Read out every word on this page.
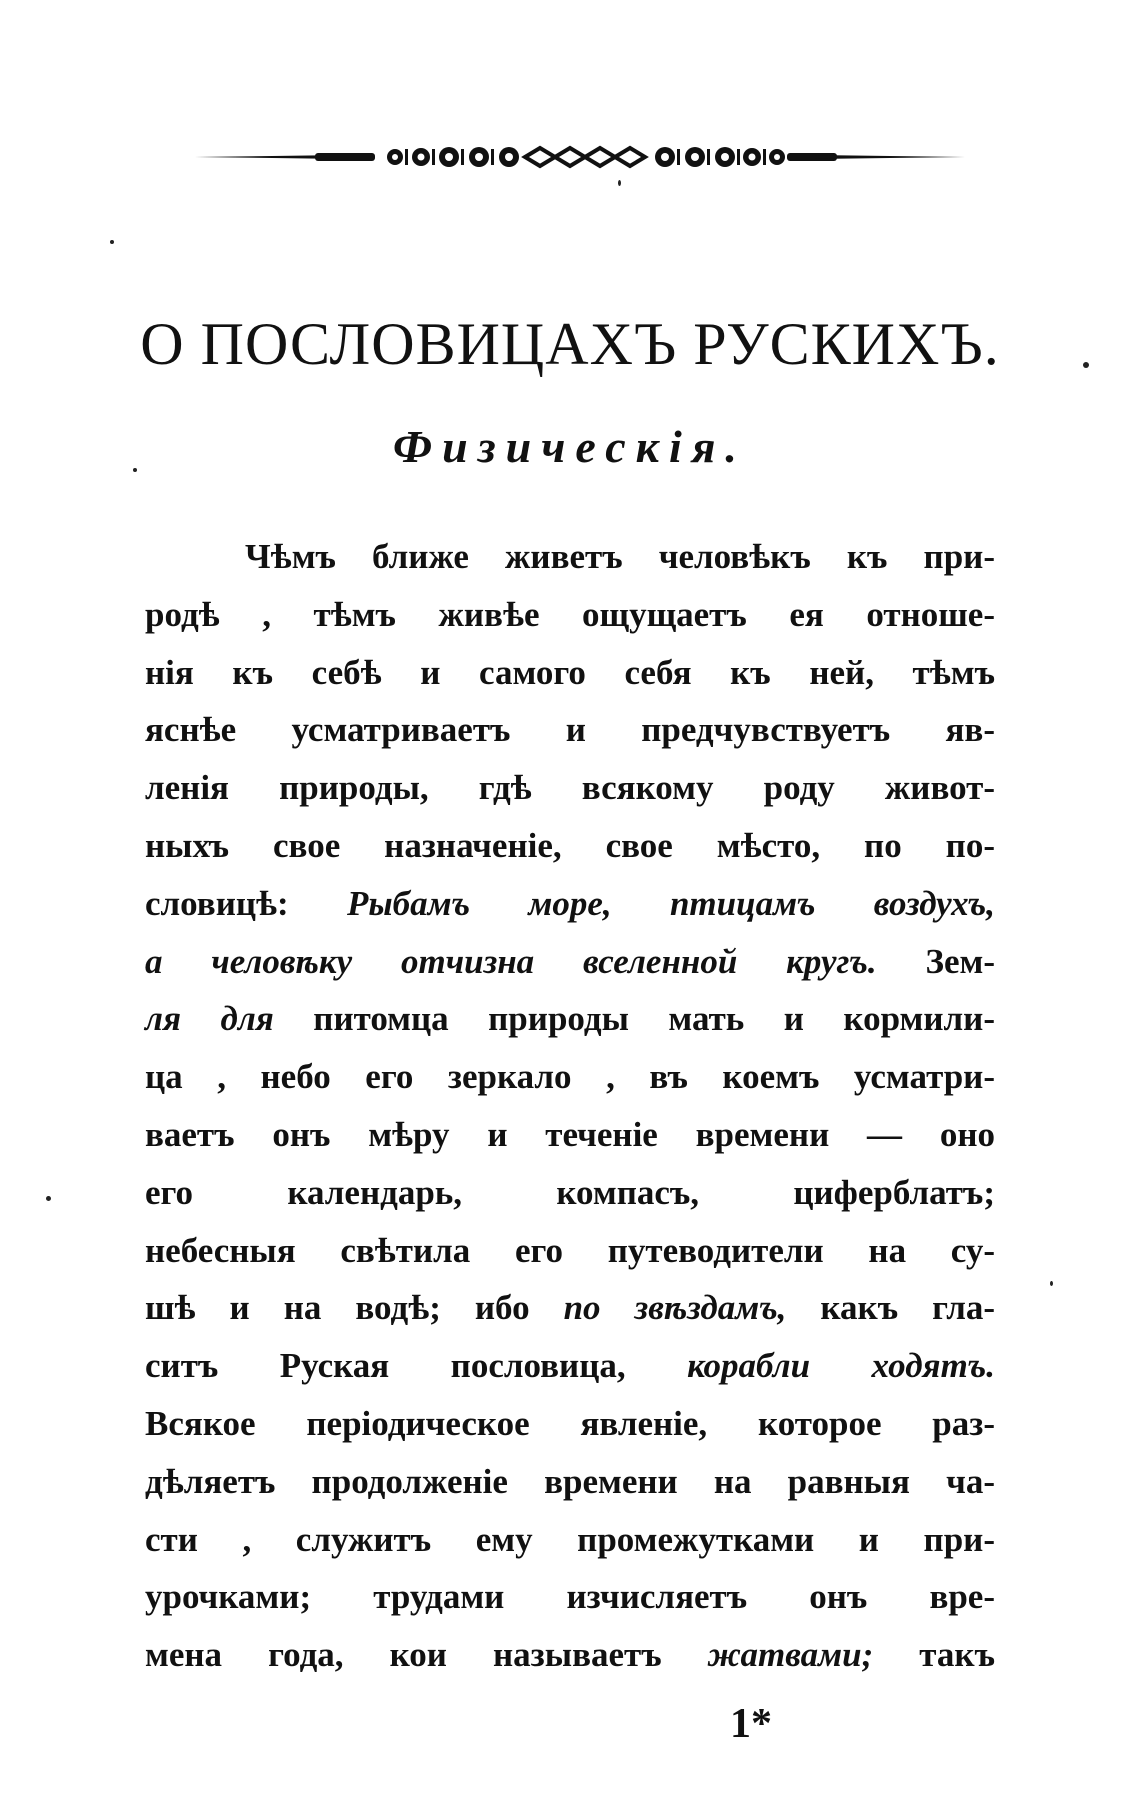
О ПОСЛОВИЦАХЪ РУСКИХЪ.
Физическія.
Чѣмъ ближе живетъ человѣкъ къ при-
родѣ , тѣмъ живѣе ощущаетъ ея отноше-
нія къ себѣ и самого себя къ ней, тѣмъ
яснѣе усматриваетъ и предчувствуетъ яв-
ленія природы, гдѣ всякому роду живот-
ныхъ свое назначеніе, свое мѣсто, по по-
словицѣ: Рыбамъ море, птицамъ воздухъ,
а человѣку отчизна вселенной кругъ. Зем-
ля для питомца природы мать и кормили-
ца , небо его зеркало , въ коемъ усматри-
ваетъ онъ мѣру и теченіе времени — оно
его календарь, компасъ, циферблатъ;
небесныя свѣтила его путеводители на су-
шѣ и на водѣ; ибо по звѣздамъ, какъ гла-
ситъ Руская пословица, корабли ходятъ.
Всякое періодическое явленіе, которое раз-
дѣляетъ продолженіе времени на равныя ча-
сти , служитъ ему промежутками и при-
урочками; трудами изчисляетъ онъ вре-
мена года, кои называетъ жатвами; такъ

1*
